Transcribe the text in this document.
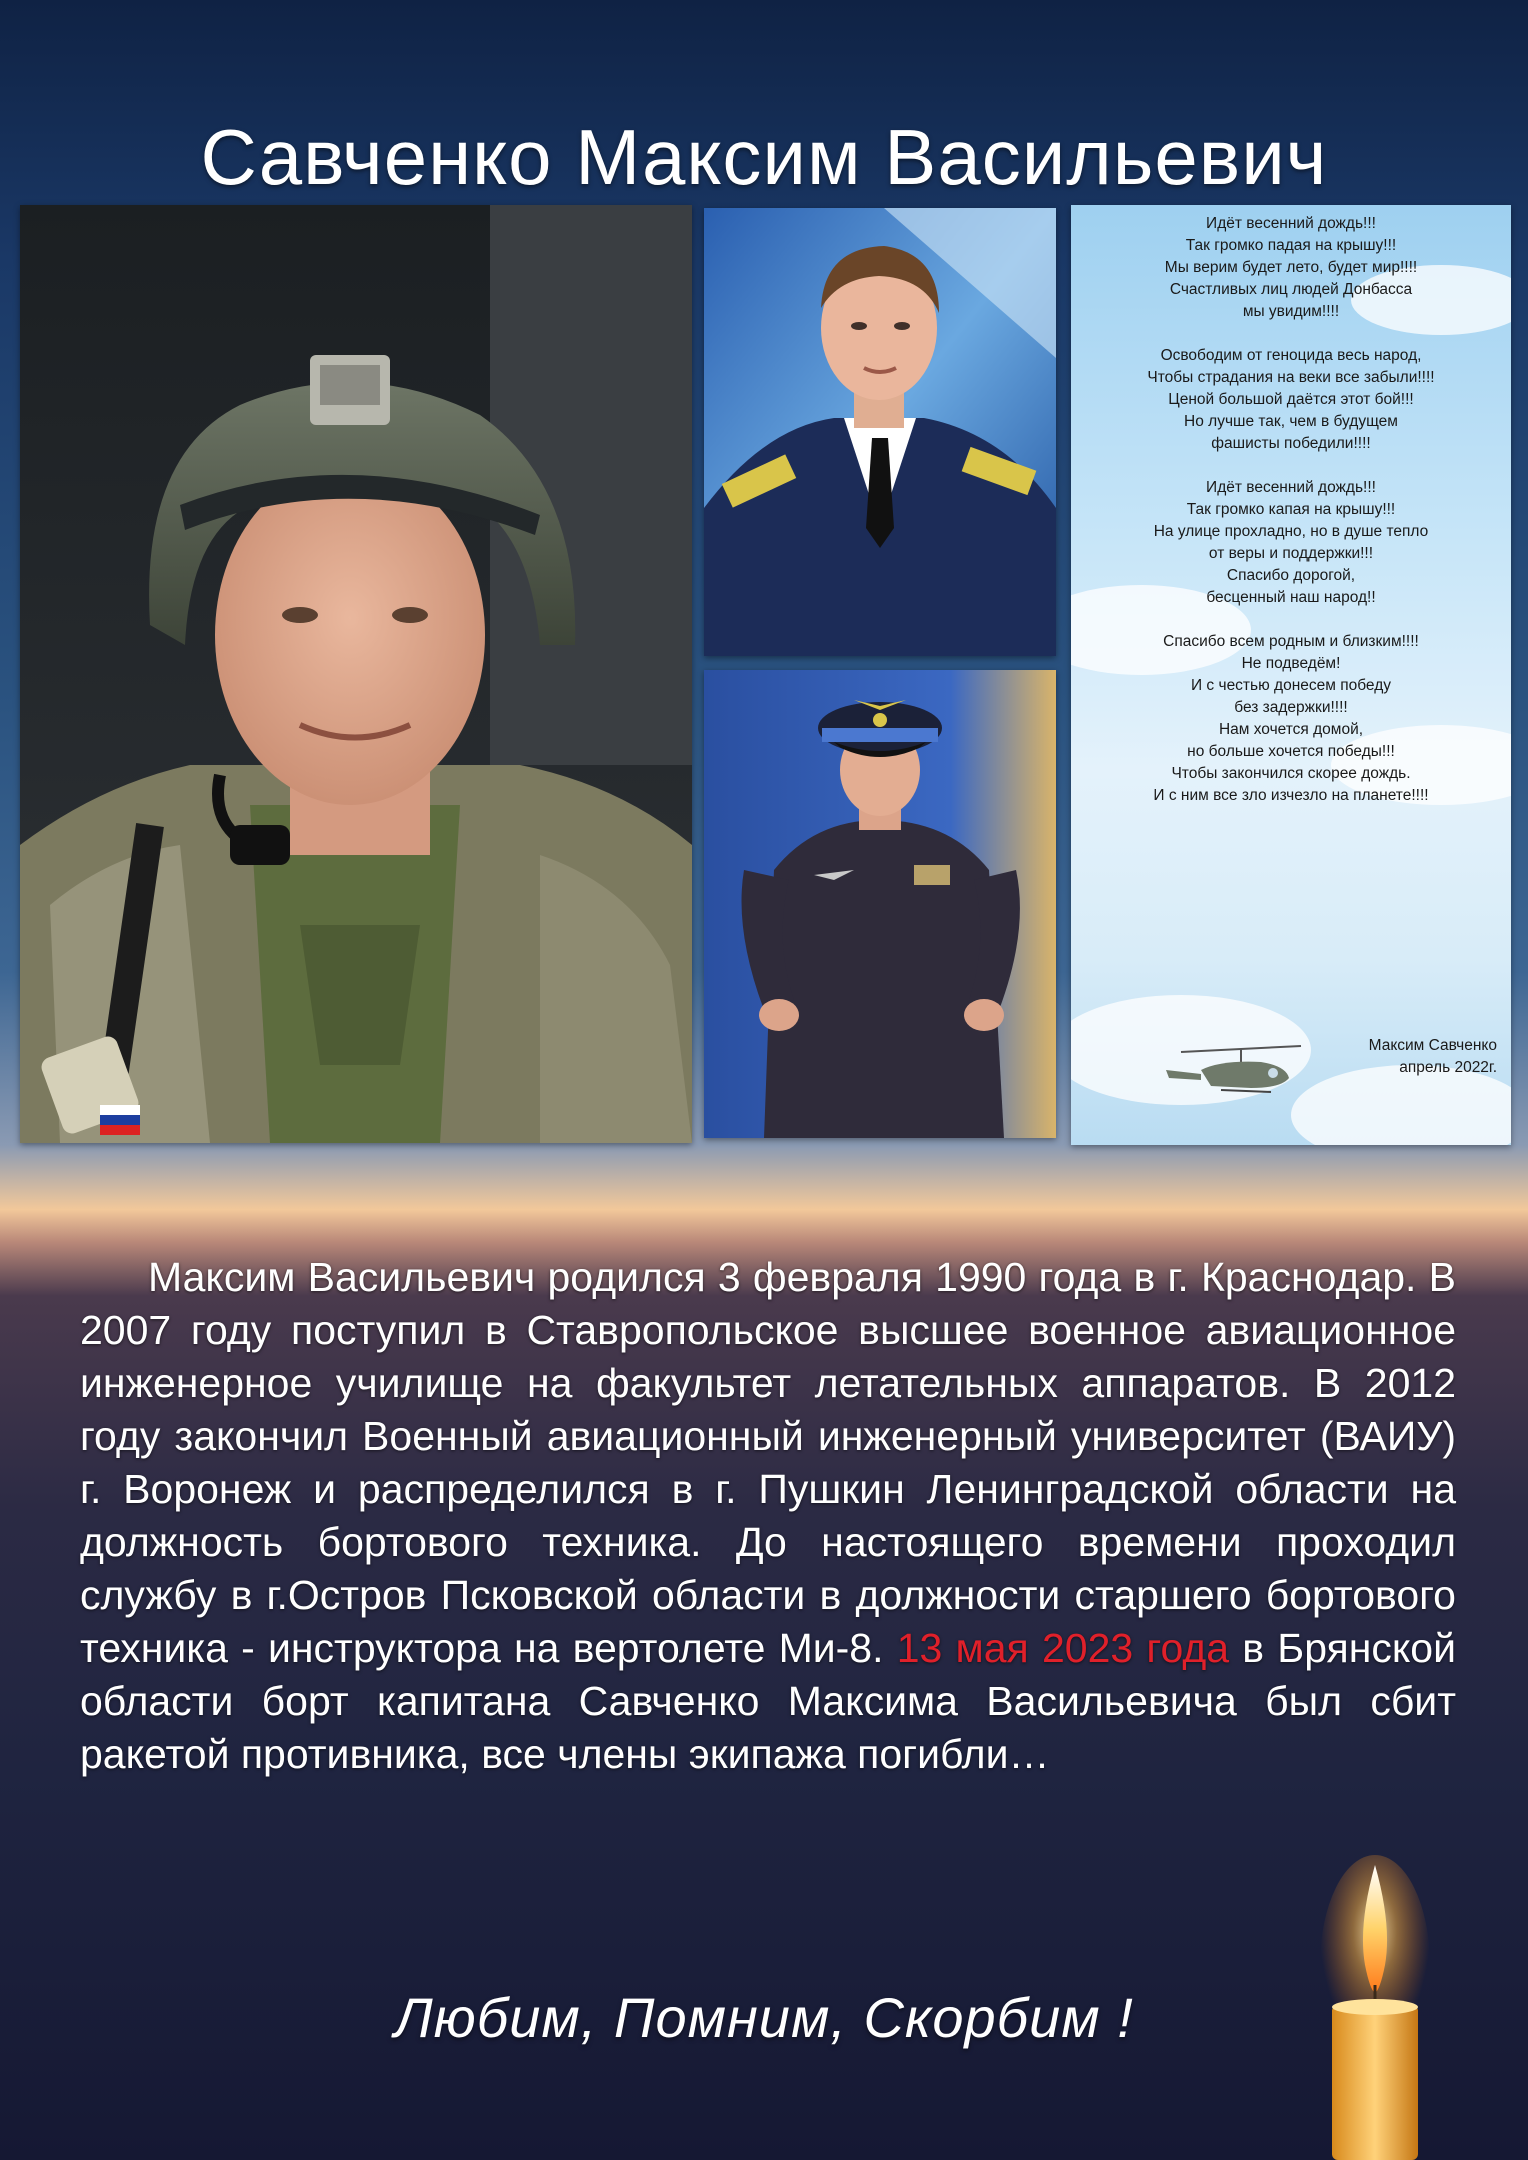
Савченко Максим Васильевич
Идёт весенний дождь!!!
Так громко падая на крышу!!!
Мы верим будет лето, будет мир!!!!
Счастливых лиц людей Донбасса
мы увидим!!!!
Освободим от геноцида весь народ,
Чтобы страдания на веки все забыли!!!!
Ценой большой даётся этот бой!!!
Но лучше так, чем в будущем
фашисты победили!!!!
Идёт весенний дождь!!!
Так громко капая на крышу!!!
На улице прохладно, но в душе тепло
от веры и поддержки!!!
Спасибо дорогой,
бесценный наш народ!!
Спасибо всем родным и близким!!!!
Не подведём!
И с честью донесем победу
без задержки!!!!
Нам хочется домой,
но больше хочется победы!!!
Чтобы закончился скорее дождь.
И с ним все зло изчезло на планете!!!!
Максим Савченко
апрель 2022г.

Максим Васильевич родился 3 февраля 1990 года в г. Краснодар. В 2007 году поступил в Ставропольское высшее военное авиационное инженерное училище на факультет летательных аппаратов. В 2012 году закончил Военный авиационный инженерный университет (ВАИУ) г. Воронеж и распределился в г. Пушкин Ленинградской области на должность бортового техника. До настоящего времени проходил службу в г.Остров Псковской области в должности старшего бортового техника - инструктора на вертолете Ми-8. 13 мая 2023 года в Брянской области борт капитана Савченко Максима Васильевича был сбит ракетой противника, все члены экипажа погибли…

Любим, Помним, Скорбим !
